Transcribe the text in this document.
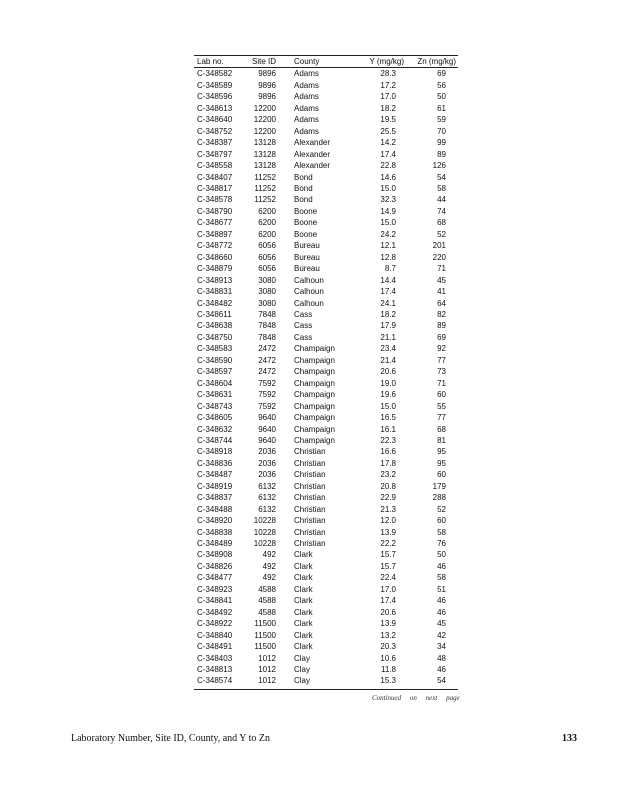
Lab no.	Site ID	County	Y (mg/kg)	Zn (mg/kg)
C-348582	9896	Adams	28.3	69
C-348589	9896	Adams	17.2	56
C-348596	9896	Adams	17.0	50
C-348613	12200	Adams	18.2	61
C-348640	12200	Adams	19.5	59
C-348752	12200	Adams	25.5	70
C-348387	13128	Alexander	14.2	99
C-348797	13128	Alexander	17.4	89
C-348558	13128	Alexander	22.8	126
C-348407	11252	Bond	14.6	54
C-348817	11252	Bond	15.0	58
C-348578	11252	Bond	32.3	44
C-348790	6200	Boone	14.9	74
C-348677	6200	Boone	15.0	68
C-348897	6200	Boone	24.2	52
C-348772	6056	Bureau	12.1	201
C-348660	6056	Bureau	12.8	220
C-348879	6056	Bureau	8.7	71
C-348913	3080	Calhoun	14.4	45
C-348831	3080	Calhoun	17.4	41
C-348482	3080	Calhoun	24.1	64
C-348611	7848	Cass	18.2	82
C-348638	7848	Cass	17.9	89
C-348750	7848	Cass	21.1	69
C-348583	2472	Champaign	23.4	92
C-348590	2472	Champaign	21.4	77
C-348597	2472	Champaign	20.6	73
C-348604	7592	Champaign	19.0	71
C-348631	7592	Champaign	19.6	60
C-348743	7592	Champaign	15.0	55
C-348605	9640	Champaign	16.5	77
C-348632	9640	Champaign	16.1	68
C-348744	9640	Champaign	22.3	81
C-348918	2036	Christian	16.6	95
C-348836	2036	Christian	17.8	95
C-348487	2036	Christian	23.2	60
C-348919	6132	Christian	20.8	179
C-348837	6132	Christian	22.9	288
C-348488	6132	Christian	21.3	52
C-348920	10228	Christian	12.0	60
C-348838	10228	Christian	13.9	58
C-348489	10228	Christian	22.2	76
C-348908	492	Clark	15.7	50
C-348826	492	Clark	15.7	46
C-348477	492	Clark	22.4	58
C-348923	4588	Clark	17.0	51
C-348841	4588	Clark	17.4	46
C-348492	4588	Clark	20.6	46
C-348922	11500	Clark	13.9	45
C-348840	11500	Clark	13.2	42
C-348491	11500	Clark	20.3	34
C-348403	1012	Clay	10.6	48
C-348813	1012	Clay	11.8	46
C-348574	1012	Clay	15.3	54
Continued on next page
Laboratory Number, Site ID, County, and Y to Zn	133
